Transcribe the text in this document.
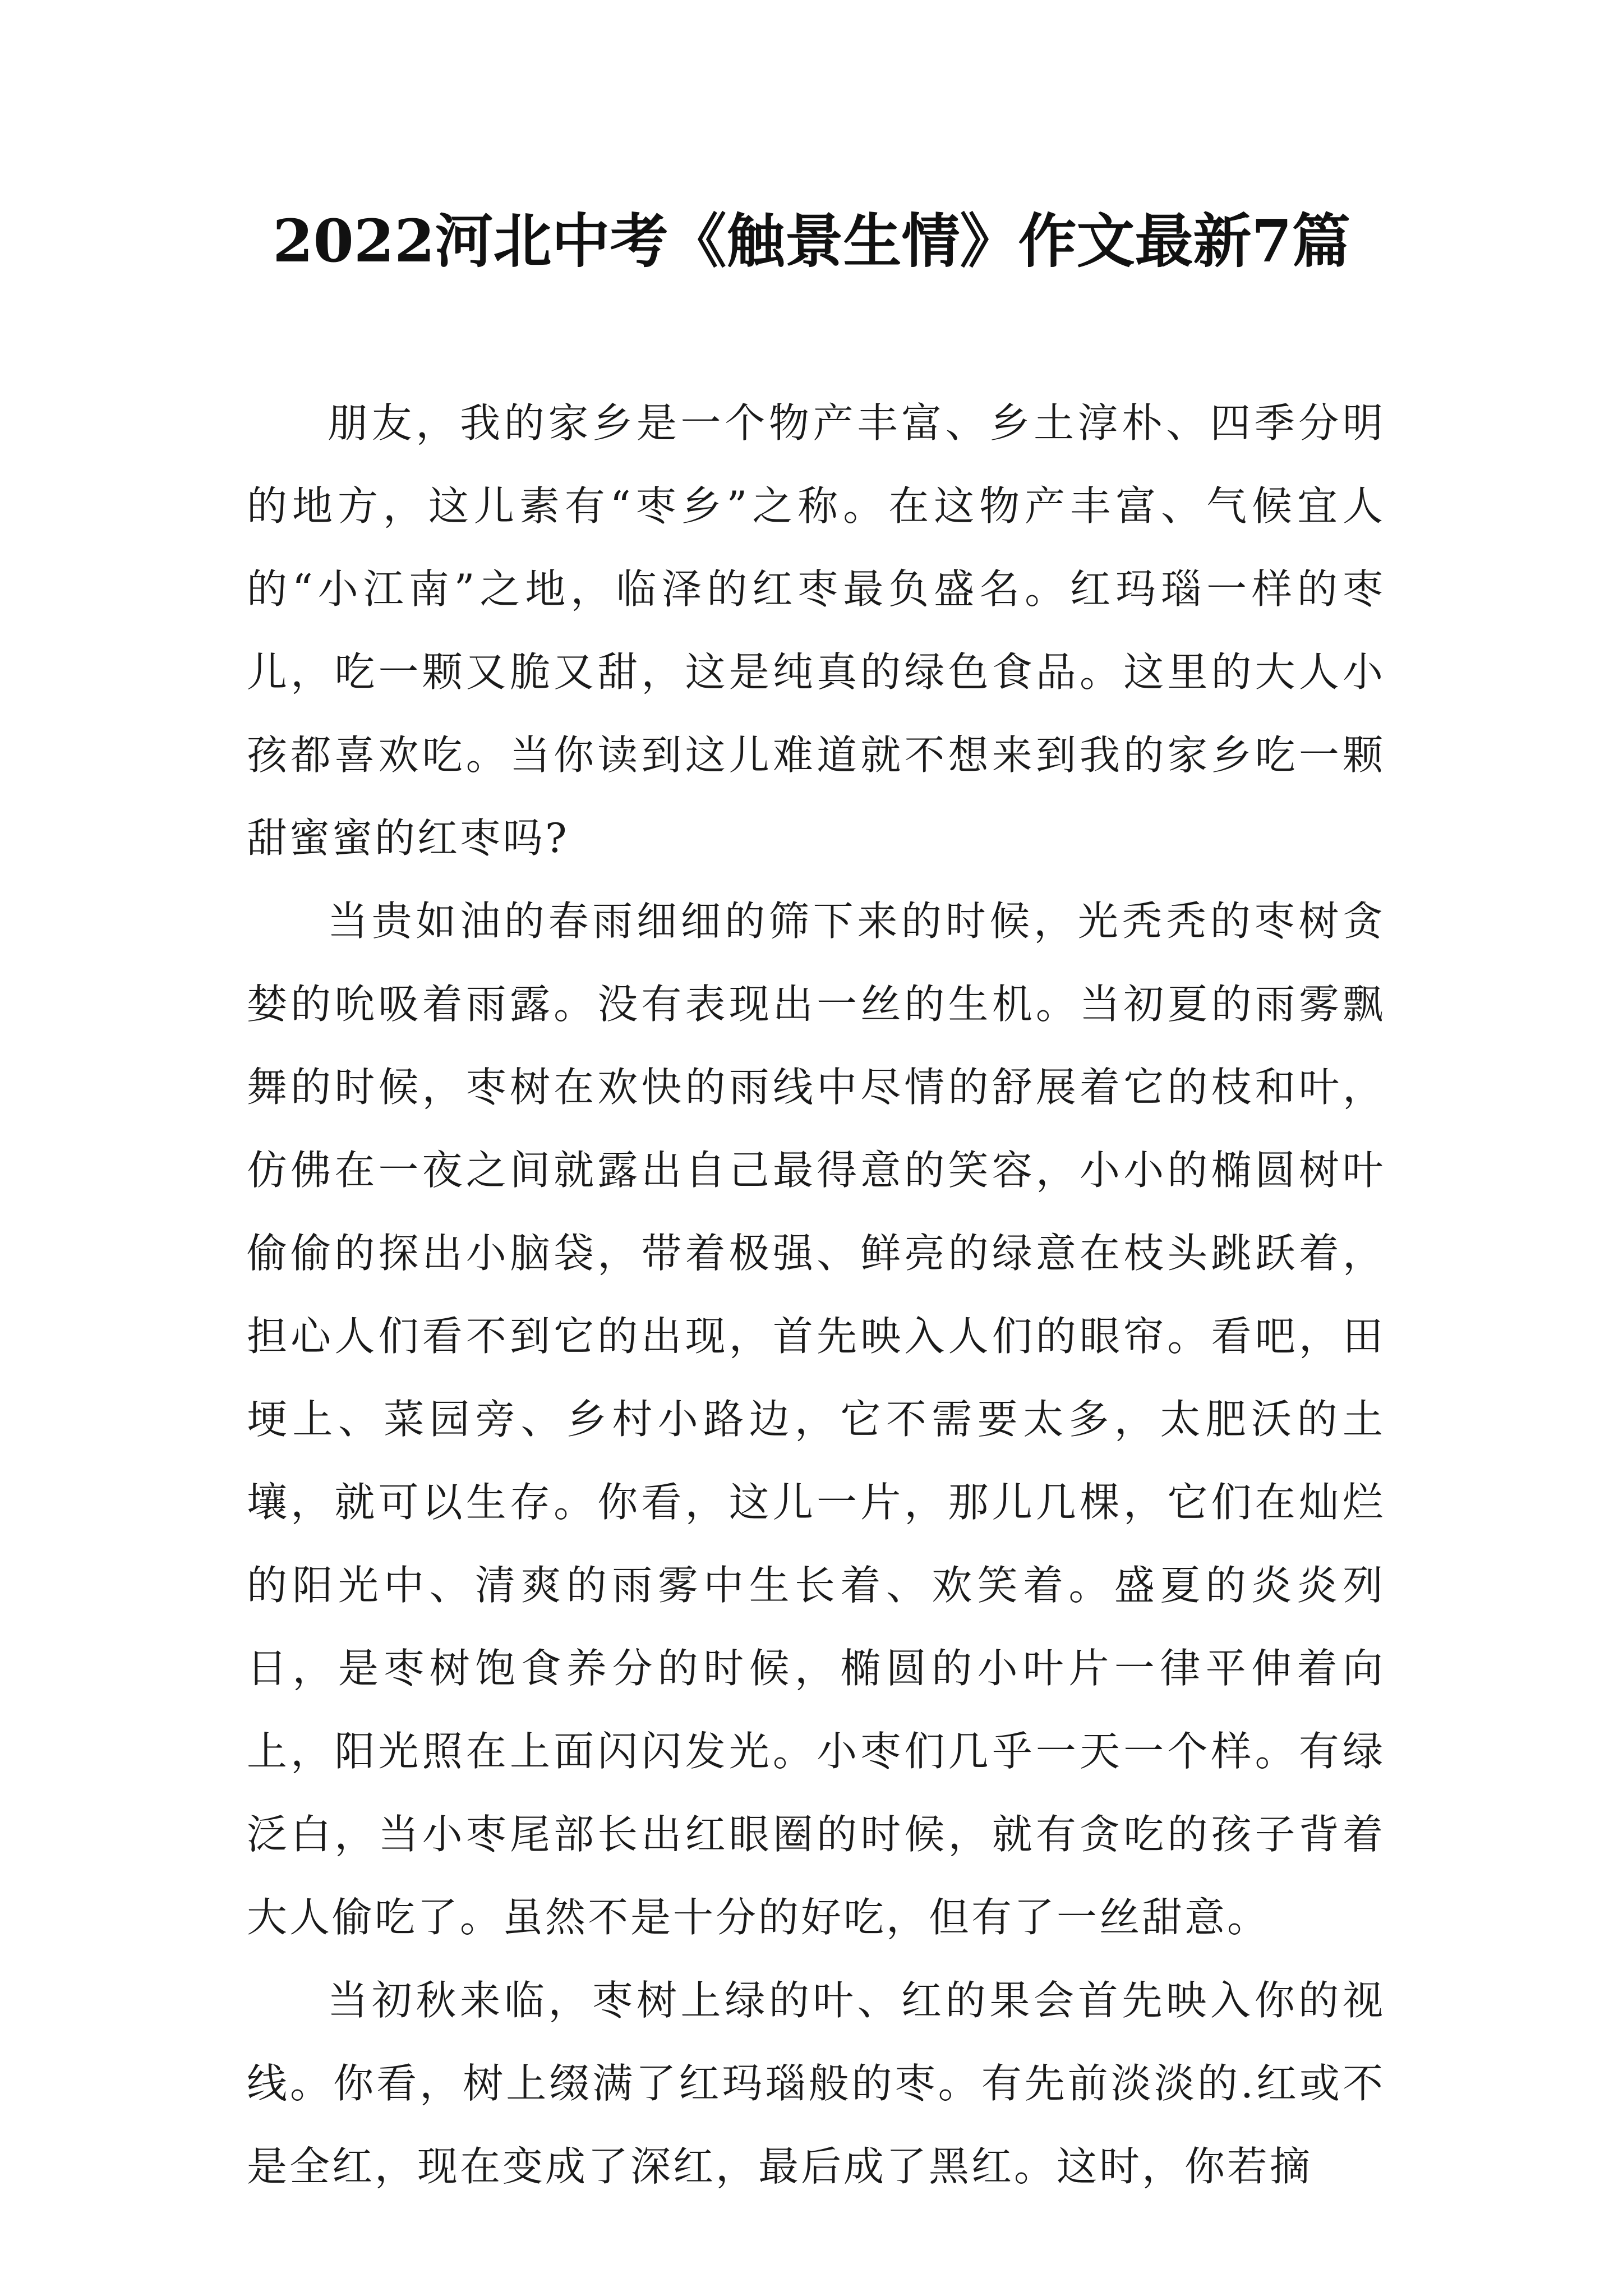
2022河北中考《触景生情》作文最新7篇

朋友，我的家乡是一个物产丰富、乡土淳朴、四季分明的地方，这儿素有“枣乡”之称。在这物产丰富、气候宜人的“小江南”之地，临泽的红枣最负盛名。红玛瑙一样的枣儿，吃一颗又脆又甜，这是纯真的绿色食品。这里的大人小孩都喜欢吃。当你读到这儿难道就不想来到我的家乡吃一颗甜蜜蜜的红枣吗?

当贵如油的春雨细细的筛下来的时候，光秃秃的枣树贪婪的吮吸着雨露。没有表现出一丝的生机。当初夏的雨雾飘舞的时候，枣树在欢快的雨线中尽情的舒展着它的枝和叶，仿佛在一夜之间就露出自己最得意的笑容，小小的椭圆树叶偷偷的探出小脑袋，带着极强、鲜亮的绿意在枝头跳跃着，担心人们看不到它的出现，首先映入人们的眼帘。看吧，田埂上、菜园旁、乡村小路边，它不需要太多，太肥沃的土壤，就可以生存。你看，这儿一片，那儿几棵，它们在灿烂的阳光中、清爽的雨雾中生长着、欢笑着。盛夏的炎炎列日，是枣树饱食养分的时候，椭圆的小叶片一律平伸着向上，阳光照在上面闪闪发光。小枣们几乎一天一个样。有绿泛白，当小枣尾部长出红眼圈的时候，就有贪吃的孩子背着大人偷吃了。虽然不是十分的好吃，但有了一丝甜意。

当初秋来临，枣树上绿的叶、红的果会首先映入你的视线。你看，树上缀满了红玛瑙般的枣。有先前淡淡的.红或不是全红，现在变成了深红，最后成了黑红。这时，你若摘
